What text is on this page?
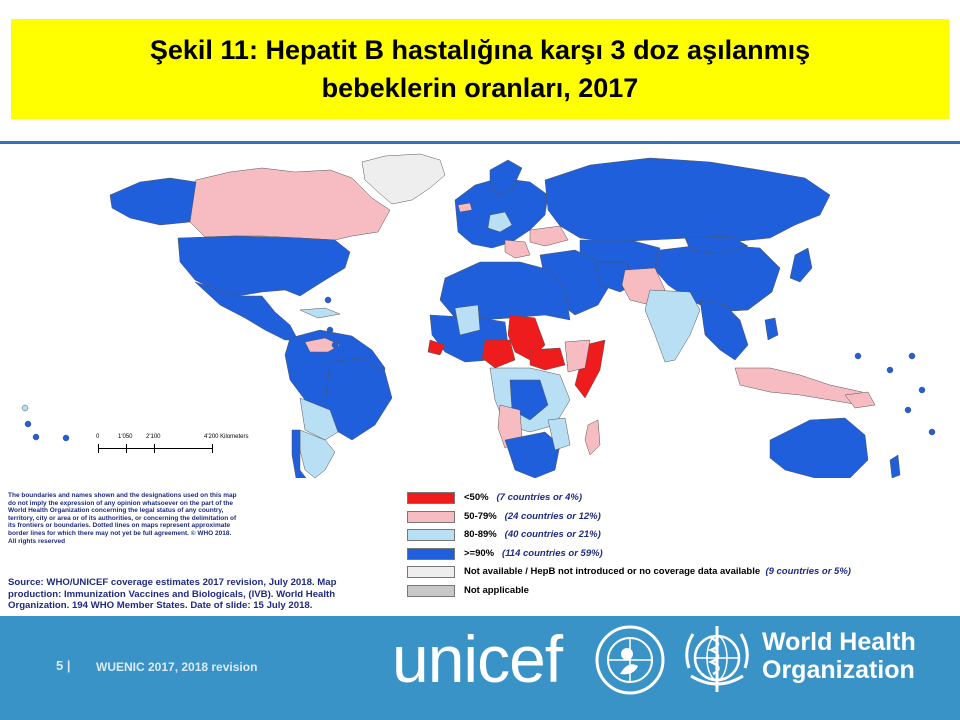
Şekil 11: Hepatit B hastalığına karşı 3 doz aşılanmış
bebeklerin oranları, 2017
0	1'050 2'100	4'200 Kilometers
The boundaries and names shown and the designations used on this map do not imply the expression of any opinion whatsoever on the part of the World Health Organization concerning the legal status of any country, territory, city or area or of its authorities, or concerning the delimitation of its frontiers or boundaries. Dotted lines on maps represent approximate border lines for which there may not yet be full agreement. © WHO 2018. All rights reserved
Source: WHO/UNICEF coverage estimates 2017 revision, July 2018. Map production: Immunization Vaccines and Biologicals, (IVB). World Health Organization. 194 WHO Member States. Date of slide: 15 July 2018.
<50% (7 countries or 4%)
50-79% (24 countries or 12%)
80-89% (40 countries or 21%)
>=90% (114 countries or 59%)
Not available / HepB not introduced or no coverage data available (9 countries or 5%)
Not applicable
5 | WUENIC 2017, 2018 revision unicef	World Health
Organization
